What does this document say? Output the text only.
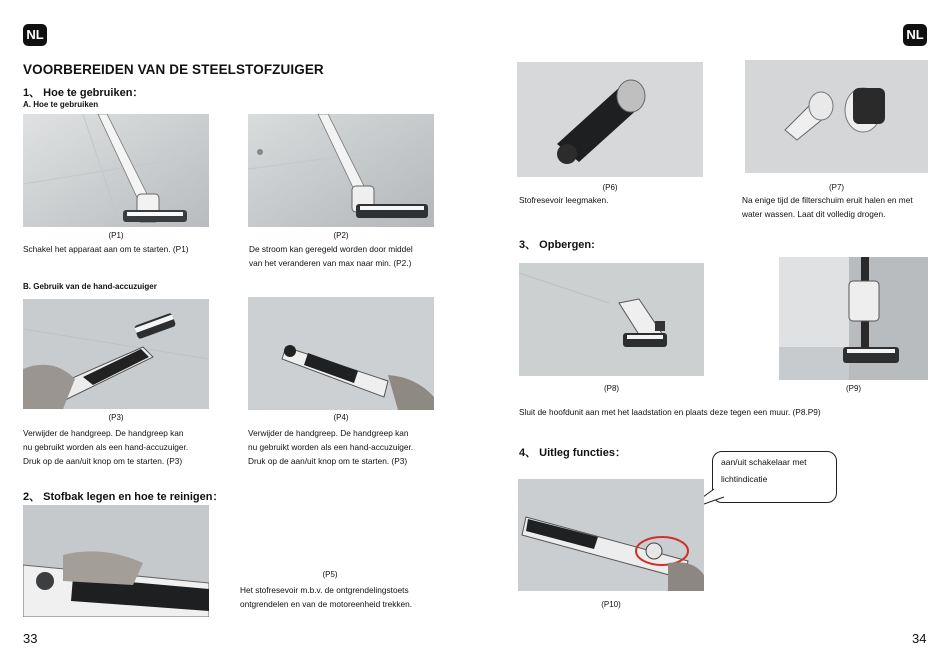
NL
VOORBEREIDEN VAN DE STEELSTOFZUIGER
1、 Hoe te gebruiken：
A. Hoe te gebruiken
(P1)
Schakel het apparaat aan om te starten. (P1)
(P2)
De stroom kan geregeld worden door middel
van het veranderen van max naar min. (P2.)
B. Gebruik van de hand-accuzuiger
(P3)
Verwijder de handgreep. De handgreep kan
nu gebruikt worden als een hand-accuzuiger.
Druk op de aan/uit knop om te starten. (P3)
(P4)
Verwijder de handgreep. De handgreep kan
nu gebruikt worden als een hand-accuzuiger.
Druk op de aan/uit knop om te starten. (P3)
2、 Stofbak legen en hoe te reinigen：
(P5)
Het stofresevoir m.b.v. de ontgrendelingstoets
ontgrendelen en van de motoreenheid trekken.
33
NL
(P6)
Stofresevoir leegmaken.
(P7)
Na enige tijd de filterschuim eruit halen en met
water wassen. Laat dit volledig drogen.
3、 Opbergen:
(P8)	(P9)
Sluit de hoofdunit aan met het laadstation en plaats deze tegen een muur. (P8.P9)
4、 Uitleg functies：
aan/uit schakelaar met
lichtindicatie
(P10)
34
